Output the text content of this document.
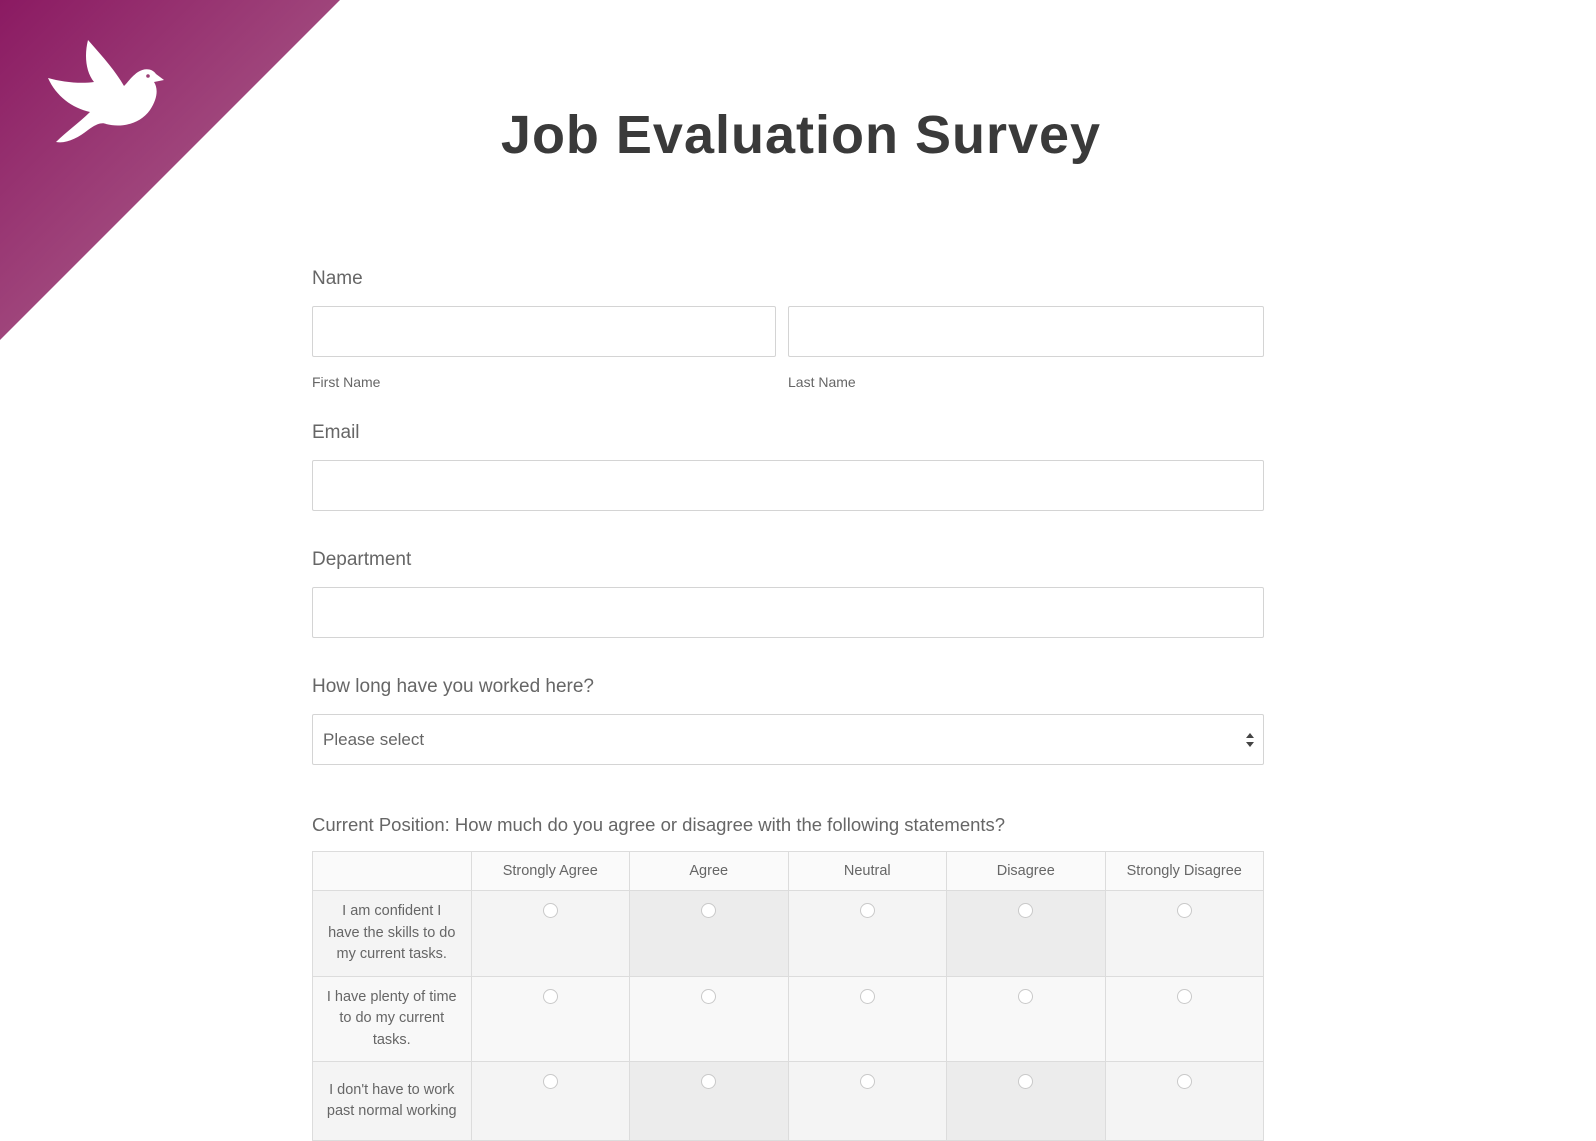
Job Evaluation Survey

Name

First Name	Last Name

Email

Department

How long have you worked here?

Please select

Current Position: How much do you agree or disagree with the following statements?

	Strongly Agree	Agree	Neutral	Disagree	Strongly Disagree
I am confident I have the skills to do my current tasks.					
I have plenty of time to do my current tasks.					
I don't have to work past normal working					
